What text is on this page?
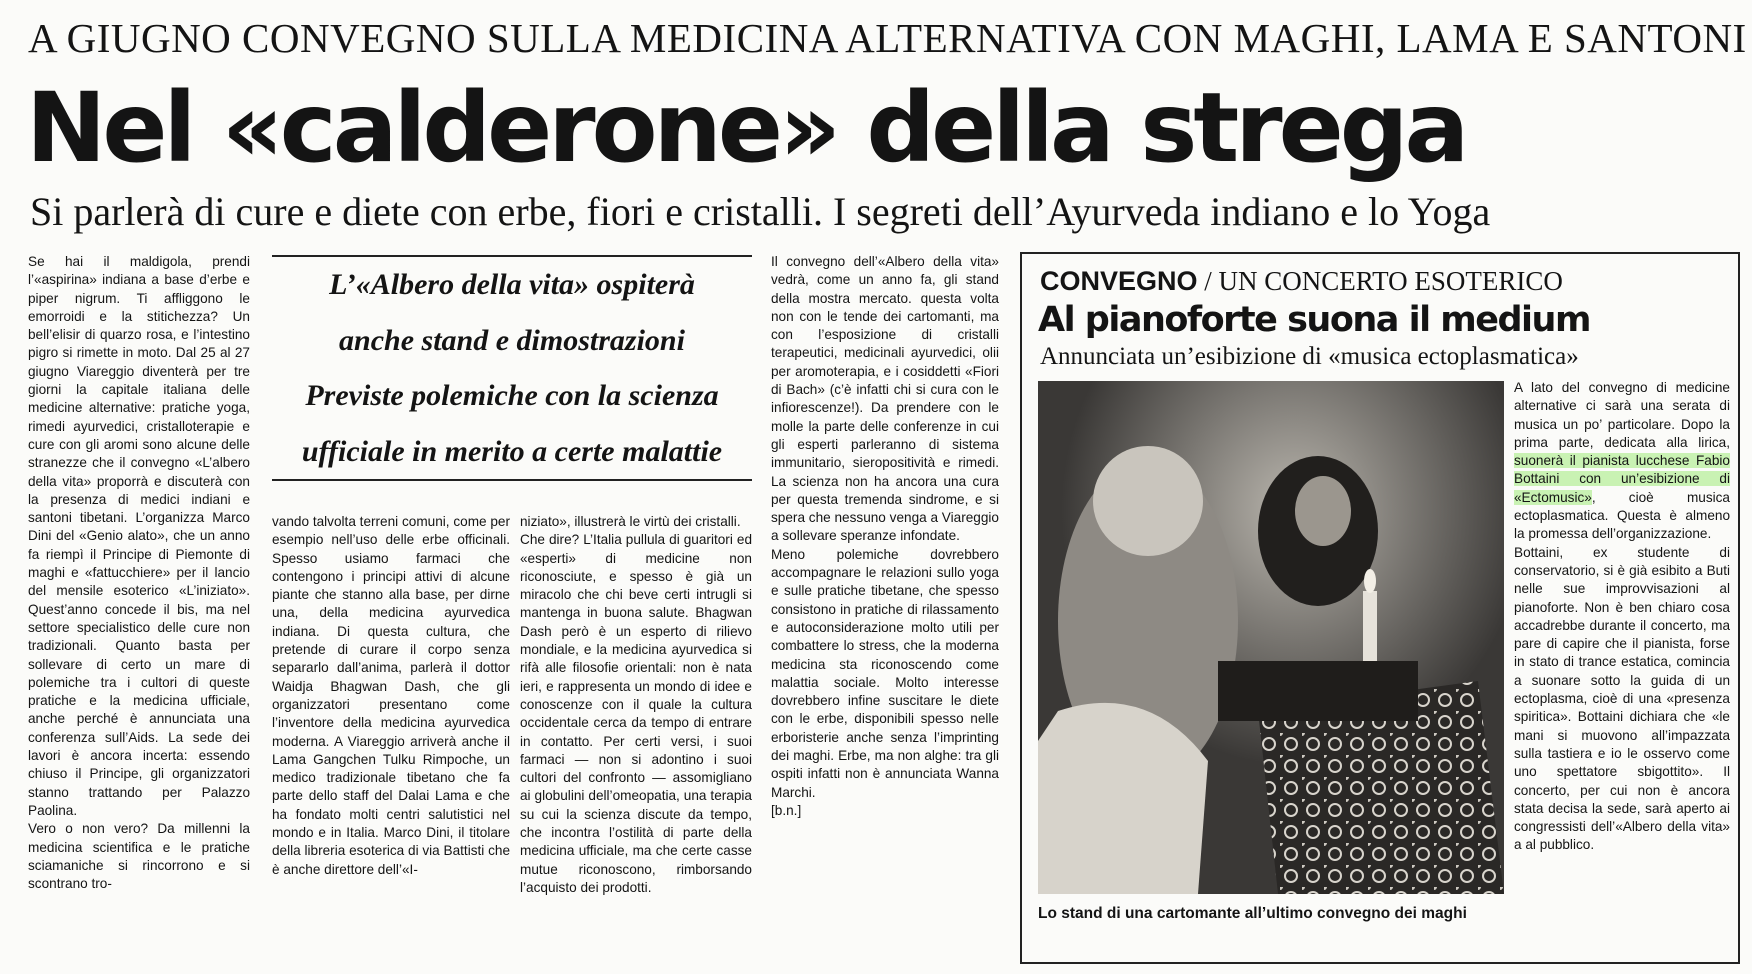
A GIUGNO CONVEGNO SULLA MEDICINA ALTERNATIVA CON MAGHI, LAMA E SANTONI
Nel «calderone» della strega
Si parlerà di cure e diete con erbe, fiori e cristalli. I segreti dell’Ayurveda indiano e lo Yoga

Se hai il maldigola, prendi l’«aspirina» indiana a base d’erbe e piper nigrum. Ti affliggono le emorroidi e la stitichezza? Un bell’elisir di quarzo rosa, e l’intestino pigro si rimette in moto. Dal 25 al 27 giugno Viareggio diventerà per tre giorni la capitale italiana delle medicine alternative: pratiche yoga, rimedi ayurvedici, cristalloterapie e cure con gli aromi sono alcune delle stranezze che il convegno «L’albero della vita» proporrà e discuterà con la presenza di medici indiani e santoni tibetani. L’organizza Marco Dini del «Genio alato», che un anno fa riempì il Principe di Piemonte di maghi e «fattucchiere» per il lancio del mensile esoterico «L’iniziato». Quest’anno concede il bis, ma nel settore specialistico delle cure non tradizionali. Quanto basta per sollevare di certo un mare di polemiche tra i cultori di queste pratiche e la medicina ufficiale, anche perché è annunciata una conferenza sull’Aids. La sede dei lavori è ancora incerta: essendo chiuso il Principe, gli organizzatori stanno trattando per Palazzo Paolina.

Vero o non vero? Da millenni la medicina scientifica e le pratiche sciamaniche si rincorrono e si scontrano tro-

L’«Albero della vita» ospiterà
anche stand e dimostrazioni
Previste polemiche con la scienza
ufficiale in merito a certe malattie

vando talvolta terreni comuni, come per esempio nell’uso delle erbe officinali. Spesso usiamo farmaci che contengono i principi attivi di alcune piante che stanno alla base, per dirne una, della medicina ayurvedica indiana. Di questa cultura, che pretende di curare il corpo senza separarlo dall’anima, parlerà il dottor Waidja Bhagwan Dash, che gli organizzatori presentano come l’inventore della medicina ayurvedica moderna. A Viareggio arriverà anche il Lama Gangchen Tulku Rimpoche, un medico tradizionale tibetano che fa parte dello staff del Dalai Lama e che ha fondato molti centri salutistici nel mondo e in Italia. Marco Dini, il titolare della libreria esoterica di via Battisti che è anche direttore dell’«I-

niziato», illustrerà le virtù dei cristalli.

Che dire? L’Italia pullula di guaritori ed «esperti» di medicine non riconosciute, e spesso è già un miracolo che chi beve certi intrugli si mantenga in buona salute. Bhagwan Dash però è un esperto di rilievo mondiale, e la medicina ayurvedica si rifà alle filosofie orientali: non è nata ieri, e rappresenta un mondo di idee e conoscenze con il quale la cultura occidentale cerca da tempo di entrare in contatto. Per certi versi, i suoi farmaci — non si adontino i suoi cultori del confronto — assomigliano ai globulini dell’omeopatia, una terapia su cui la scienza discute da tempo, che incontra l’ostilità di parte della medicina ufficiale, ma che certe casse mutue riconoscono, rimborsando l’acquisto dei prodotti.

Il convegno dell’«Albero della vita» vedrà, come un anno fa, gli stand della mostra mercato. questa volta non con le tende dei cartomanti, ma con l’esposizione di cristalli terapeutici, medicinali ayurvedici, olii per aromoterapia, e i cosiddetti «Fiori di Bach» (c’è infatti chi si cura con le infiorescenze!). Da prendere con le molle la parte delle conferenze in cui gli esperti parleranno di sistema immunitario, sieropositività e rimedi. La scienza non ha ancora una cura per questa tremenda sindrome, e si spera che nessuno venga a Viareggio a sollevare speranze infondate.

Meno polemiche dovrebbero accompagnare le relazioni sullo yoga e sulle pratiche tibetane, che spesso consistono in pratiche di rilassamento e autoconsiderazione molto utili per combattere lo stress, che la moderna medicina sta riconoscendo come malattia sociale. Molto interesse dovrebbero infine suscitare le diete con le erbe, disponibili spesso nelle erboristerie anche senza l’imprinting dei maghi. Erbe, ma non alghe: tra gli ospiti infatti non è annunciata Wanna Marchi.

[b.n.]

CONVEGNO / UN CONCERTO ESOTERICO
Al pianoforte suona il medium
Annunciata un’esibizione di «musica ectoplasmatica»
Lo stand di una cartomante all’ultimo convegno dei maghi

A lato del convegno di medicine alternative ci sarà una serata di musica un po’ particolare. Dopo la prima parte, dedicata alla lirica, suonerà il pianista lucchese Fabio Bottaini con un’esibizione di «Ectomusic», cioè musica ectoplasmatica. Questa è almeno la promessa dell’organizzazione.

Bottaini, ex studente di conservatorio, si è già esibito a Buti nelle sue improvvisazioni al pianoforte. Non è ben chiaro cosa accadrebbe durante il concerto, ma pare di capire che il pianista, forse in stato di trance estatica, comincia a suonare sotto la guida di un ectoplasma, cioè di una «presenza spiritica». Bottaini dichiara che «le mani si muovono all’impazzata sulla tastiera e io le osservo come uno spettatore sbigottito». Il concerto, per cui non è ancora stata decisa la sede, sarà aperto ai congressisti dell’«Albero della vita» a al pubblico.
